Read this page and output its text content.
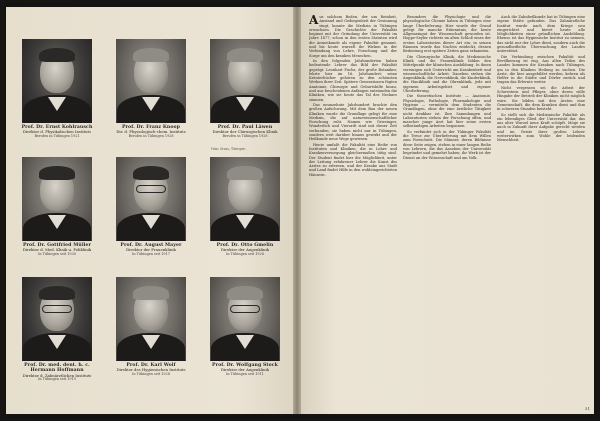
Prof. Dr. Ernst Kohlrausch
Direktor d. Physikalischen Instituts
Berufen in Tübingen 1921
Prof. Dr. Franz Knoop
Dir. d. Physiologisch-chem. Instituts
Berufen in Tübingen 1928
Prof. Dr. Paul Läwen
Direktor der Chirurgischen Klinik
Berufen in Tübingen 1928
Prof. Dr. Gottfried Müller
Direktor d. Med. Klinik u. Poliklinik
In Tübingen seit 1930
Prof. Dr. August Mayer
Direktor der Frauenklinik
In Tübingen seit 1917
Prof. Dr. Otto Gmelin
Direktor der Augenklinik
In Tübingen seit 1928
Prof. Dr. med. dent. h. c. Hermann Hoffmann
Direktor d. Zahnärztlichen Instituts
In Tübingen seit 1919
Prof. Dr. Karl Wolf
Direktor des Hygienischen Instituts
In Tübingen seit 1928
Prof. Dr. Wolfgang Stock
Direktor der Augenklinik
In Tübingen seit 1911
Foto: Gross, Tübingen

Aus solchem Boden, der um Reinheit, Anstand und Gediegenheit der Gesinnung ringt, konnte die Medizin in Tübingen erwachsen. Die Geschichte der Fakultät beginnt mit der Gründung der Universität im Jahre 1477; schon in den ersten Statuten wird die Arzneikunde als eigene Fakultät genannt, und bis heute wurzelt ihr Wirken in der Verbindung von Lehre, Forschung und der Sorge um den kranken Menschen.

In den folgenden Jahrhunderten haben bedeutende Lehrer das Bild der Fakultät geprägt. Leonhart Fuchs, der große Botaniker, lehrte hier im 16. Jahrhundert; seine Kräuterbücher gehören zu den schönsten Werken ihrer Zeit. Spätere Generationen fügten Anatomie, Chirurgie und Geburtshilfe hinzu, und aus bescheidenen Anfängen entstanden die Kliniken, wie sie heute das Tal des Neckars säumen.

Das neunzehnte Jahrhundert brachte den großen Aufschwung. Mit dem Bau der neuen Kliniken wurde die Grundlage gelegt für eine Medizin, die auf naturwissenschaftlicher Forschung ruht. Namen wie Griesinger, Wunderlich und Vierordt sind mit dieser Zeit verbunden; sie haben nicht nur in Tübingen, sondern weit darüber hinaus gewirkt und der Heilkunde neue Wege gewiesen.

Heute umfaßt die Fakultät eine Reihe von Instituten und Kliniken, die in Lehre und Krankenversorgung gleichermaßen tätig sind. Der Student findet hier die Möglichkeit, unter der Leitung erfahrener Lehrer die Kunst des Arztes zu erlernen, und der Kranke aus Stadt und Land findet Hilfe in den wohleingerichteten Häusern.

Besonders die Physiologie und die physiologische Chemie haben in Tübingen eine lange Überlieferung. Hier wurde der Grund gelegt für manche Erkenntnis, die heute Allgemeingut der Wissenschaft geworden ist. Hoppe-Seyler richtete im alten Schloß eines der ersten Laboratorien dieser Art ein; in seinen Räumen wurde das Nuclein entdeckt, dessen Bedeutung erst spätere Zeiten ganz erkannten.

Die Chirurgische Klinik, die Medizinische Klinik und die Frauenklinik bilden den Mittelpunkt der klinischen Ausbildung. In ihnen vereinigen sich Unterricht am Krankenbett und wissenschaftliche Arbeit. Daneben stehen die Augenklinik, die Nervenklinik, die Kinderklinik, die Hautklinik und die Ohrenklinik, jede mit eigenem Arbeitsgebiet und eigener Überlieferung.

Die theoretischen Institute — Anatomie, Physiologie, Pathologie, Pharmakologie und Hygiene — vermitteln dem Studenten die Grundlagen, ohne die eine ärztliche Tätigkeit nicht denkbar ist. Ihre Sammlungen und Laboratorien stehen der Forschung offen, und mancher junge Arzt hat hier seine ersten selbständigen Arbeiten begonnen.

So verbindet sich in der Tübinger Fakultät die Treue zur Überlieferung mit dem Willen zum Fortschritt. Die Männer, deren Bildnisse diese Seite zeigen, stehen in einer langen Reihe von Lehrern, die das Ansehen der Universität begründet und gemehrt haben; ihr Werk ist der Dienst an der Wissenschaft und am Volk.

Auch die Zahnheilkunde hat in Tübingen eine eigene Stätte gefunden. Das Zahnärztliche Institut wurde nach dem Kriege neu eingerichtet und bietet heute alle Möglichkeiten einer gründlichen Ausbildung. Ebenso ist das Hygienische Institut zu nennen, das nicht nur der Lehre dient, sondern auch die gesundheitliche Überwachung des Landes unterstützt.

Die Verbindung zwischen Fakultät und Bevölkerung ist eng. Aus allen Teilen des Landes kommen die Kranken nach Tübingen, um in den Kliniken Heilung zu suchen. Die Ärzte, die hier ausgebildet werden, kehren als Helfer in die Städte und Dörfer zurück und tragen das Erlernte weiter.

Nicht vergessen sei die Arbeit der Schwestern und Pfleger, ohne deren stille Hingabe der Betrieb der Kliniken nicht möglich wäre. Sie bilden mit den Ärzten eine Gemeinschaft, die dem Kranken dient und ihm in schweren Stunden beisteht.

So stellt sich die Medizinische Fakultät als ein lebendiges Glied der Universität dar, das aus alter Wurzel neue Kraft schöpft. Möge sie auch in Zukunft ihrer Aufgabe gerecht werden und im Geiste ihrer großen Lehrer weiterwirken zum Wohle der leidenden Menschheit.

31
